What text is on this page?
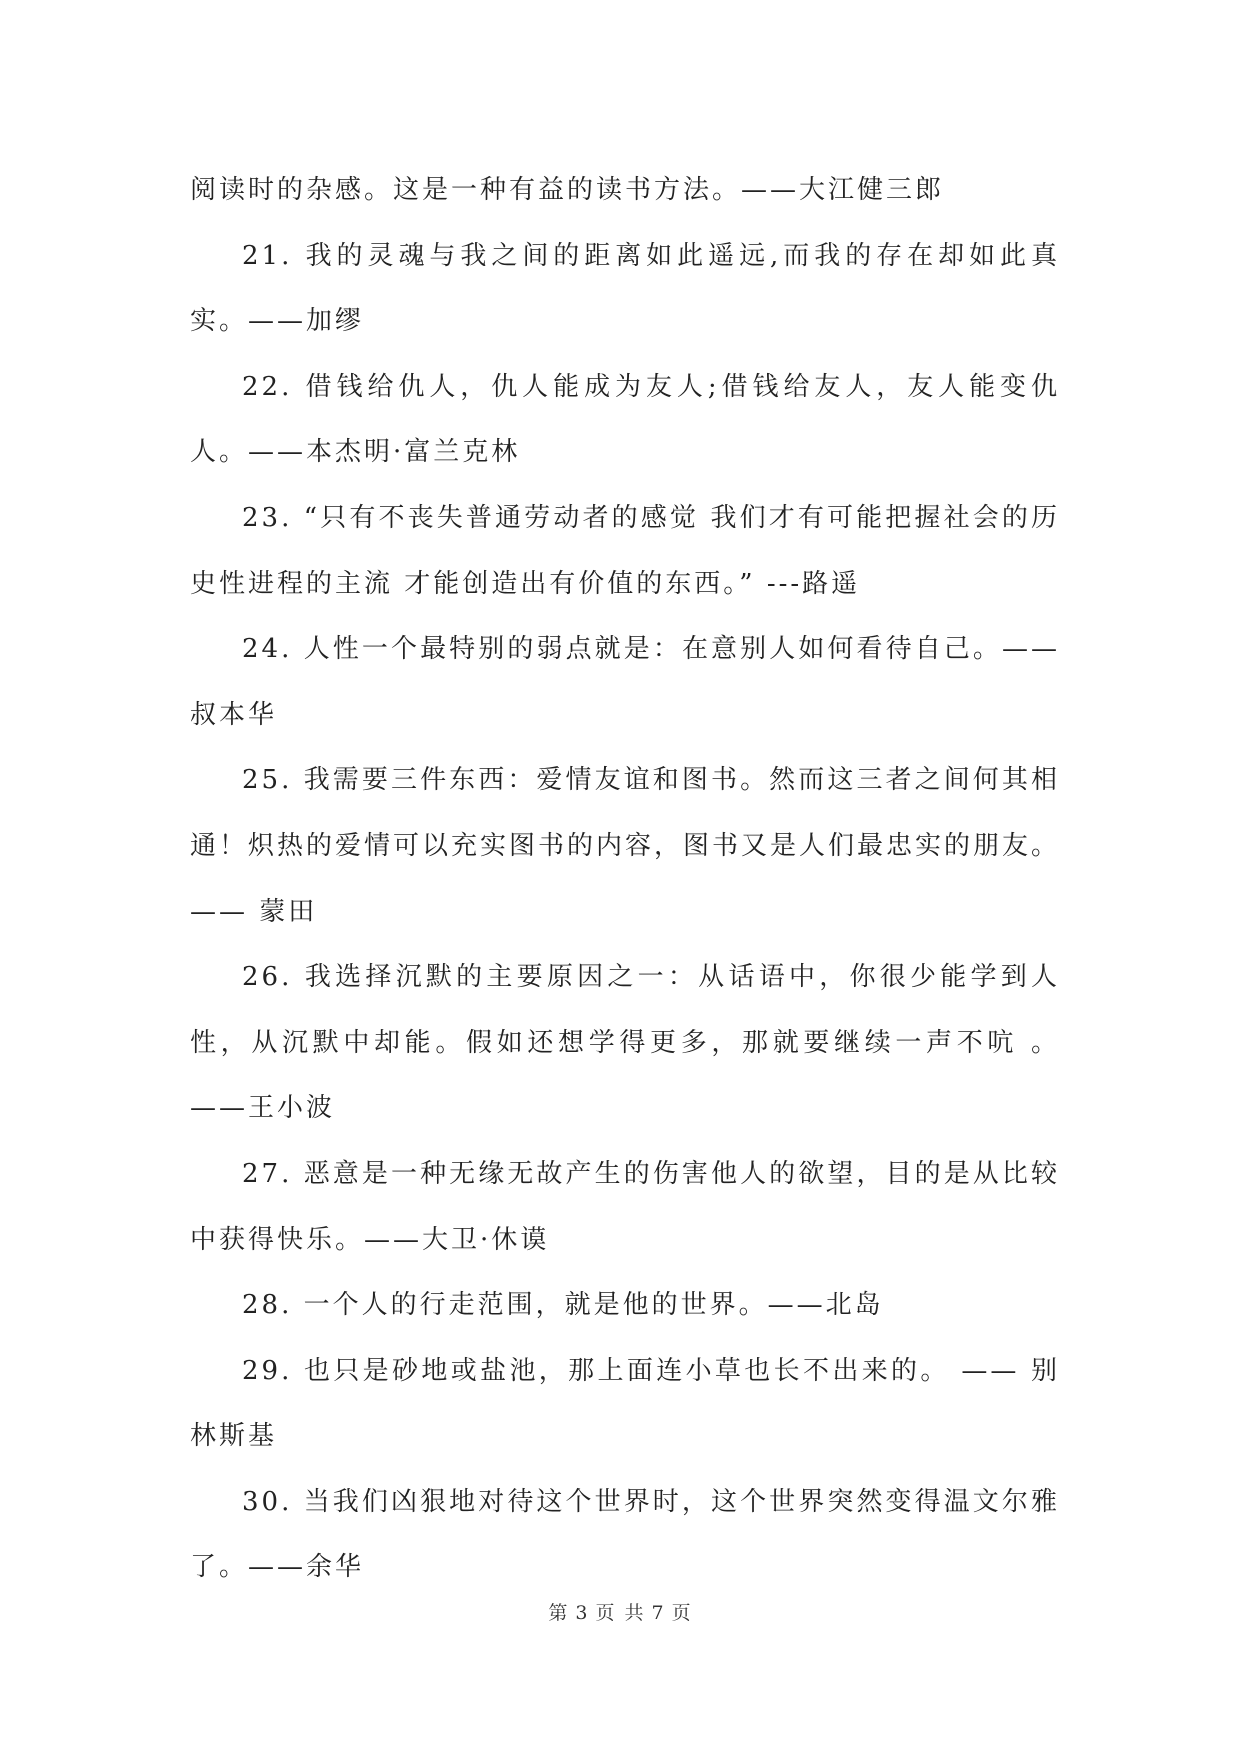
阅读时的杂感。这是一种有益的读书方法。——大江健三郎

21. 我的灵魂与我之间的距离如此遥远,而我的存在却如此真实。——加缪

22. 借钱给仇人，仇人能成为友人;借钱给友人，友人能变仇人。——本杰明·富兰克林

23. “只有不丧失普通劳动者的感觉 我们才有可能把握社会的历史性进程的主流 才能创造出有价值的东西。” ---路遥

24. 人性一个最特别的弱点就是：在意别人如何看待自己。——叔本华

25. 我需要三件东西：爱情友谊和图书。然而这三者之间何其相通！炽热的爱情可以充实图书的内容，图书又是人们最忠实的朋友。—— 蒙田

26. 我选择沉默的主要原因之一：从话语中，你很少能学到人性，从沉默中却能。假如还想学得更多，那就要继续一声不吭 。——王小波

27. 恶意是一种无缘无故产生的伤害他人的欲望，目的是从比较中获得快乐。——大卫·休谟

28. 一个人的行走范围，就是他的世界。——北岛

29. 也只是砂地或盐池，那上面连小草也长不出来的。 —— 别林斯基

30. 当我们凶狠地对待这个世界时，这个世界突然变得温文尔雅了。——余华

第 3 页 共 7 页
